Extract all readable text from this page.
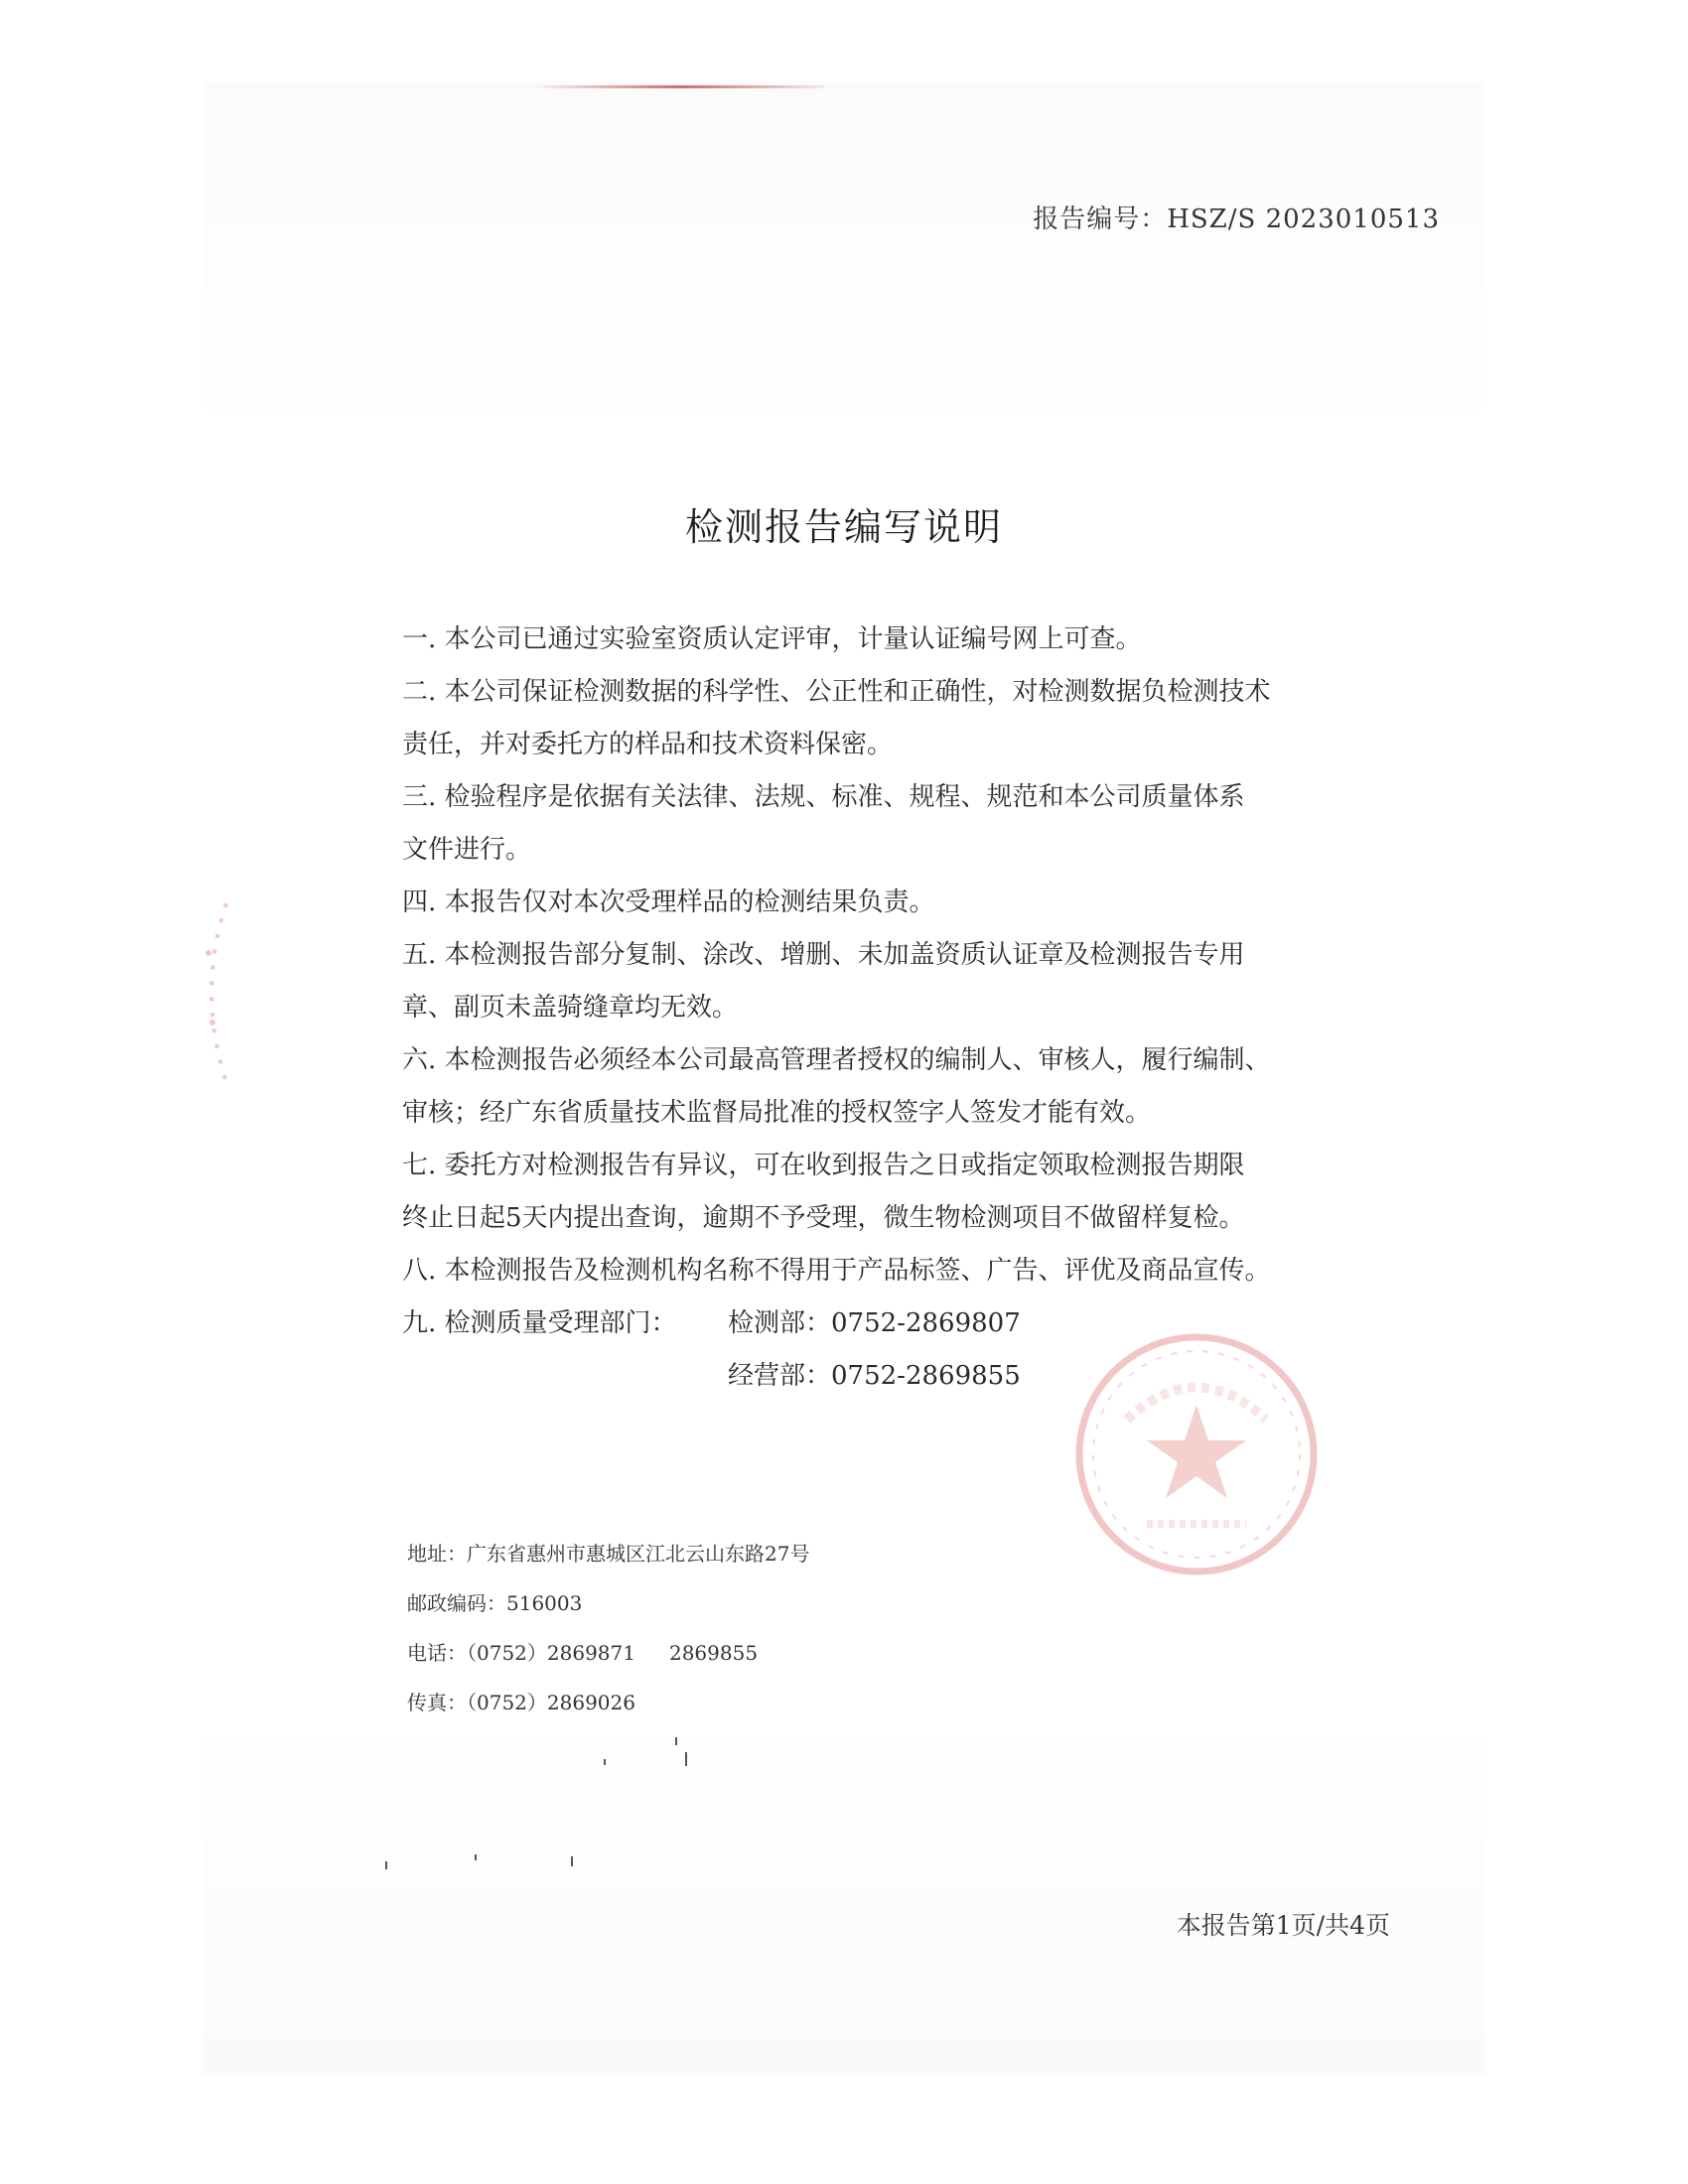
报告编号：HSZ/S 2023010513
检测报告编写说明
一. 本公司已通过实验室资质认定评审，计量认证编号网上可查。
二. 本公司保证检测数据的科学性、公正性和正确性，对检测数据负检测技术
责任，并对委托方的样品和技术资料保密。
三. 检验程序是依据有关法律、法规、标准、规程、规范和本公司质量体系
文件进行。
四. 本报告仅对本次受理样品的检测结果负责。
五. 本检测报告部分复制、涂改、增删、未加盖资质认证章及检测报告专用
章、副页未盖骑缝章均无效。
六. 本检测报告必须经本公司最高管理者授权的编制人、审核人，履行编制、
审核；经广东省质量技术监督局批准的授权签字人签发才能有效。
七. 委托方对检测报告有异议，可在收到报告之日或指定领取检测报告期限
终止日起5天内提出查询，逾期不予受理，微生物检测项目不做留样复检。
八. 本检测报告及检测机构名称不得用于产品标签、广告、评优及商品宣传。
九. 检测质量受理部门： 检测部：0752-2869807
经营部：0752-2869855
地址：广东省惠州市惠城区江北云山东路27号
邮政编码：516003
电话：（0752）2869871 2869855
传真：（0752）2869026
本报告第1页/共4页
